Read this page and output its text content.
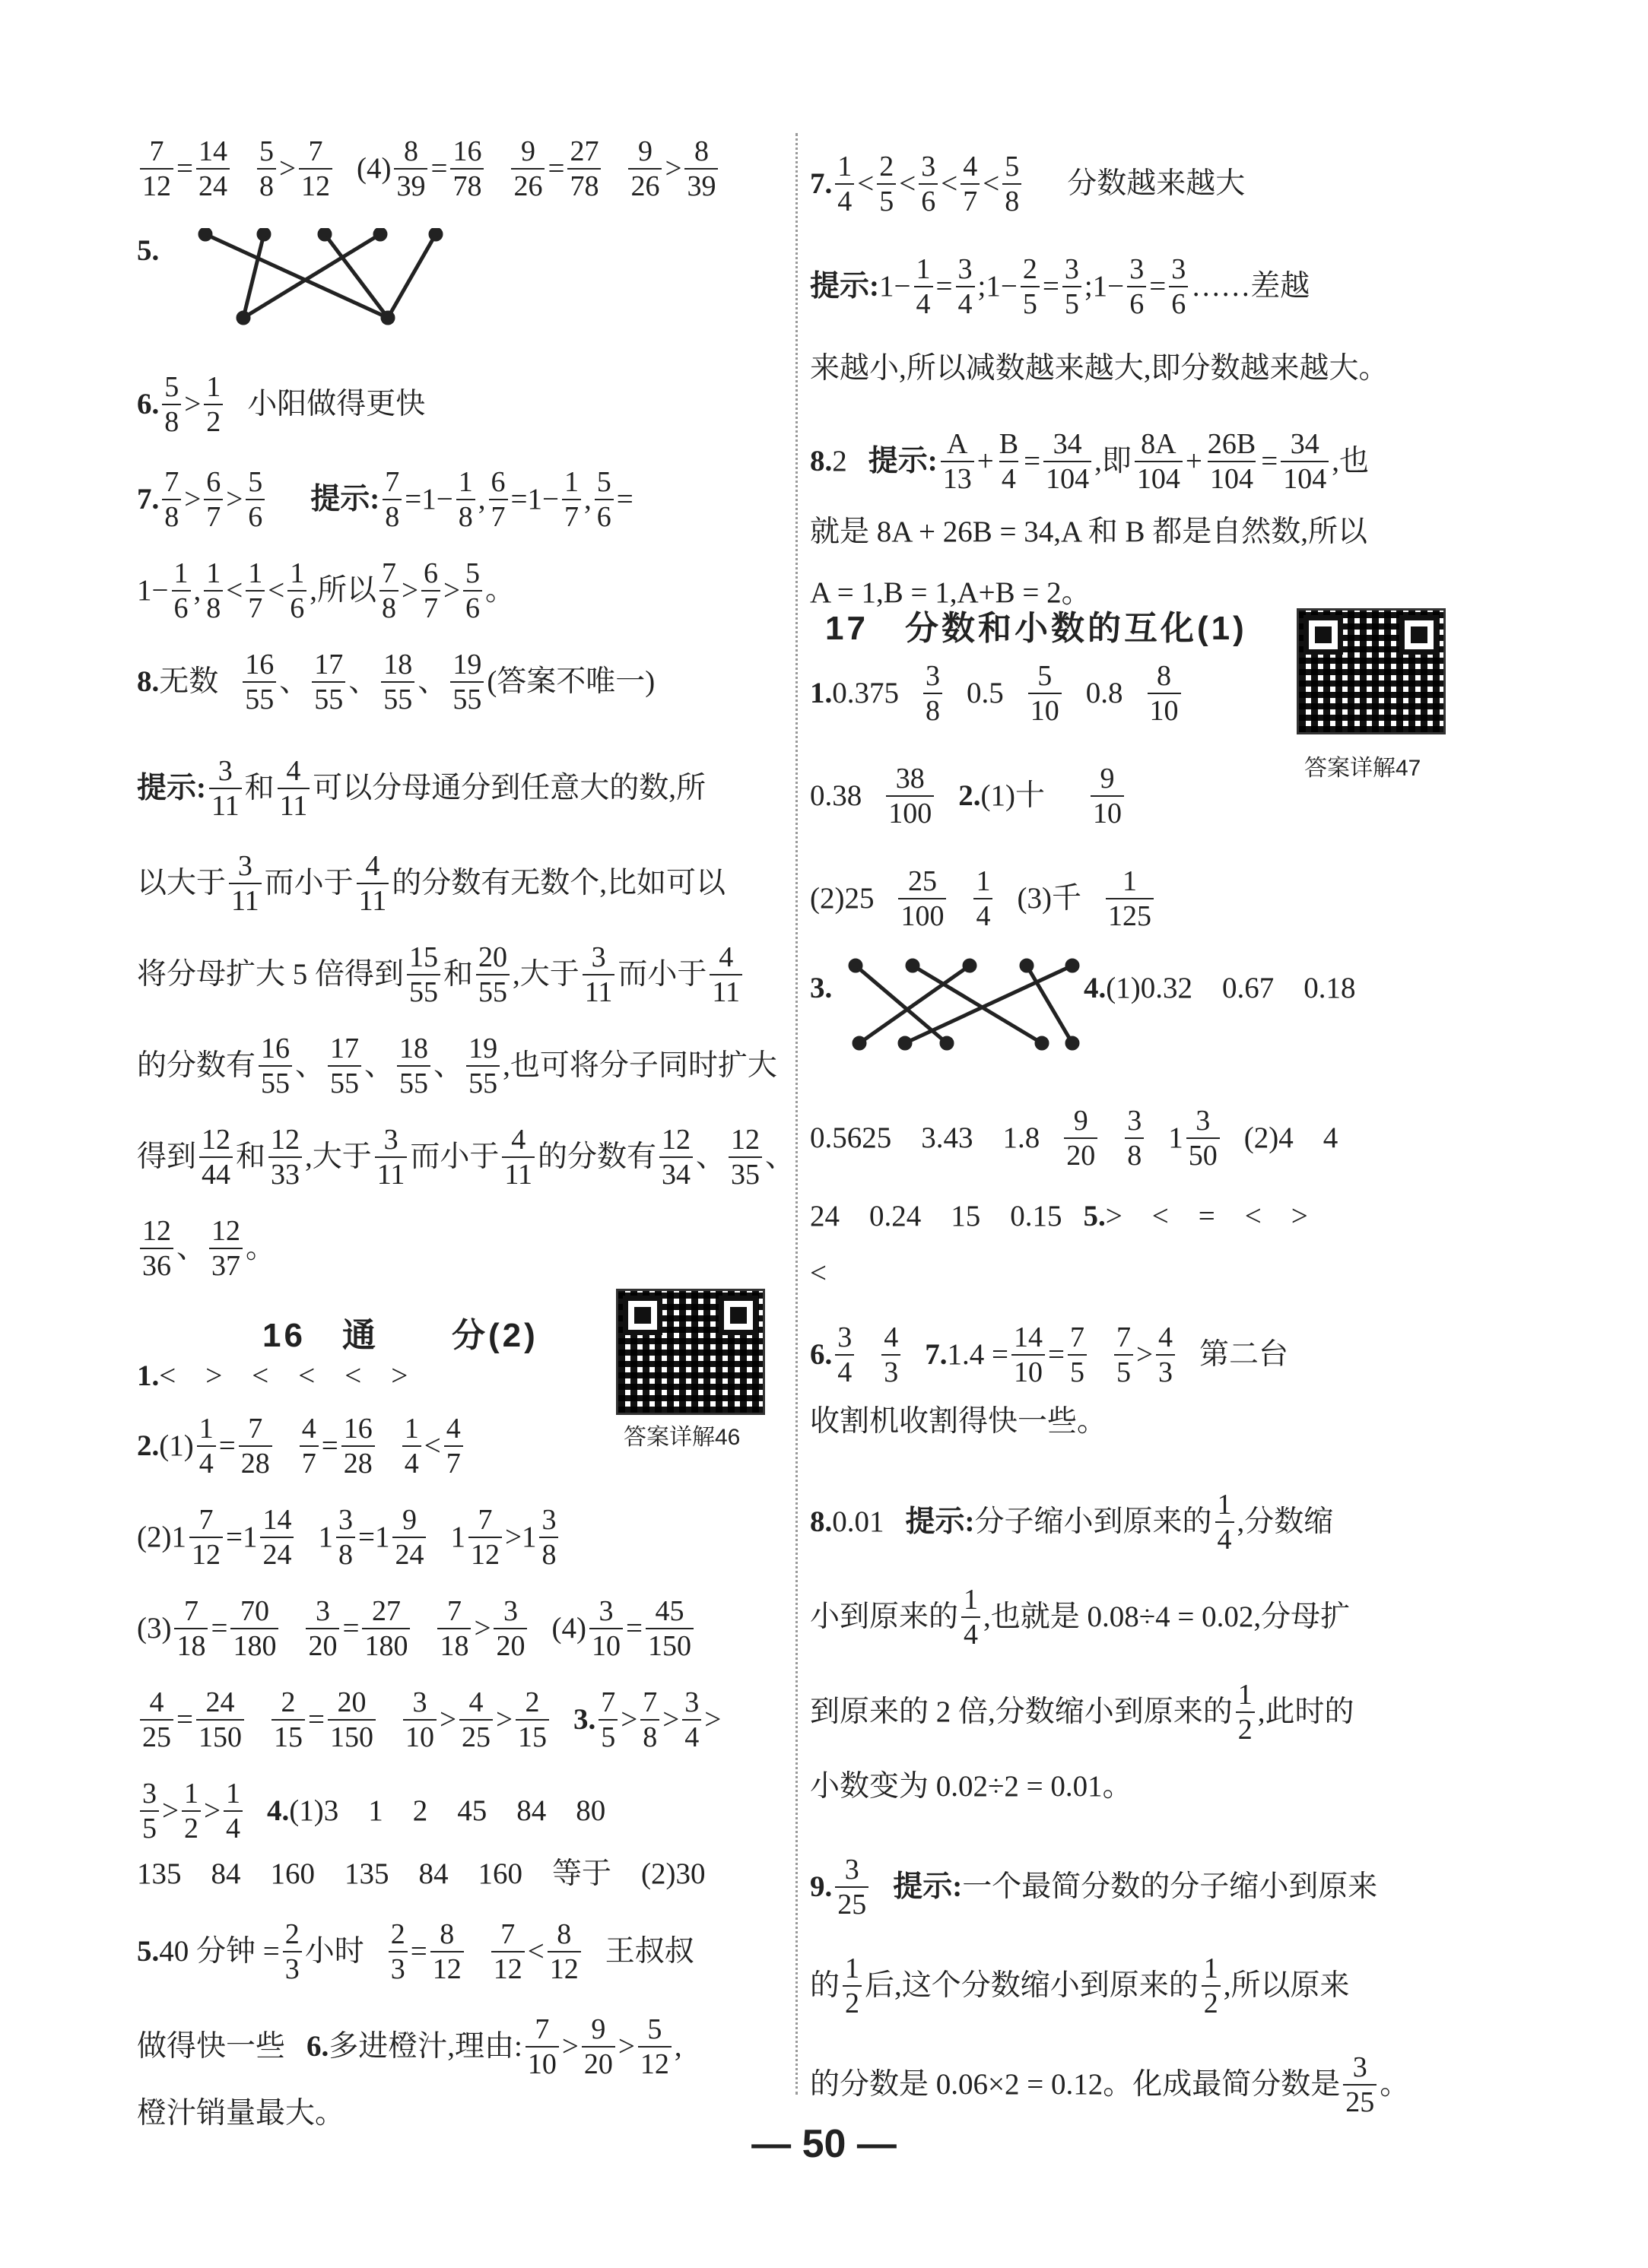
$\frac{7}{12} = \frac{14}{24} \frac{5}{8} > \frac{7}{12} (4) \frac{8}{39} = \frac{16}{78} \frac{9}{26} = \frac{27}{78} \frac{9}{26} > \frac{8}{39}$
5.
6. $\frac{5}{8} > \frac{1}{2}$ 小阳做得更快
7. $\frac{7}{8} > \frac{6}{7} > \frac{5}{6}$ 提示: $\frac{7}{8} =1- \frac{1}{8}$ , $\frac{6}{7} =1- \frac{1}{7}$ , $\frac{5}{6}$ =
$1- \frac{1}{6}$ , $\frac{1}{8} < \frac{1}{7} < \frac{1}{6}$ ,所以 $\frac{7}{8} > \frac{6}{7} > \frac{5}{6}$ 。
8. 无数 $\frac{16}{55}$ 、 $\frac{17}{55}$ 、 $\frac{18}{55}$ 、 $\frac{19}{55}$ (答案不唯一)
提示: $\frac{3}{11}$ 和 $\frac{4}{11}$ 可以分母通分到任意大的数,所
以大于 $\frac{3}{11}$ 而小于 $\frac{4}{11}$ 的分数有无数个,比如可以
将分母扩大 5 倍得到 $\frac{15}{55}$ 和 $\frac{20}{55}$ ,大于 $\frac{3}{11}$ 而小于 $\frac{4}{11}$
的分数有 $\frac{16}{55}$ 、 $\frac{17}{55}$ 、 $\frac{18}{55}$ 、 $\frac{19}{55}$ ,也可将分子同时扩大
得到 $\frac{12}{44}$ 和 $\frac{12}{33}$ ,大于 $\frac{3}{11}$ 而小于 $\frac{4}{11}$ 的分数有 $\frac{12}{34}$ 、 $\frac{12}{35}$ 、
$\frac{12}{36}$ 、 $\frac{12}{37}$ 。
16　通　　分(2)
答案详解46
1. <　>　<　<　<　>
2. $(1) \frac{1}{4} = \frac{7}{28} \frac{4}{7} = \frac{16}{28} \frac{1}{4} < \frac{4}{7}$
(2) $1 \frac{7}{12} = 1 \frac{14}{24} 1 \frac{3}{8} = 1 \frac{9}{24} 1 \frac{7}{12} > 1 \frac{3}{8}$
$(3) \frac{7}{18} = \frac{70}{180} \frac{3}{20} = \frac{27}{180} \frac{7}{18} > \frac{3}{20} (4) \frac{3}{10} = \frac{45}{150}$
$\frac{4}{25} = \frac{24}{150} \frac{2}{15} = \frac{20}{150} \frac{3}{10} > \frac{4}{25} > \frac{2}{15} 3$. $\frac{7}{5} > \frac{7}{8} > \frac{3}{4}$ >
$\frac{3}{5} > \frac{1}{2} > \frac{1}{4} 4$. (1)3　1　2　45　84　80
135　84　160　135　84　160　等于　(2)30
5. 40 分钟 = $\frac{2}{3}$ 小时 $\frac{2}{3} = \frac{8}{12} \frac{7}{12} < \frac{8}{12}$ 王叔叔
做得快一些 6. 多进橙汁,理由: $\frac{7}{10} > \frac{9}{20} > \frac{5}{12}$ ,
橙汁销量最大。
7. $\frac{1}{4} < \frac{2}{5} < \frac{3}{6} < \frac{4}{7} < \frac{5}{8}$ 分数越来越大
提示: $1- \frac{1}{4} = \frac{3}{4}$ ;1− $\frac{2}{5} = \frac{3}{5}$ ;1− $\frac{3}{6} = \frac{3}{6}$ ……差越
来越小,所以减数越来越大,即分数越来越大。
8. 2 提示: $\frac{A}{13} + \frac{B}{4} = \frac{34}{104}$ ,即 $\frac{8A}{104} + \frac{26B}{104} = \frac{34}{104}$ ,也
就是 8A + 26B = 34,A 和 B 都是自然数,所以
A = 1,B = 1,A+B = 2。
17　分数和小数的互化(1)
答案详解47
1. $0.375 \frac{3}{8} 0.5 \frac{5}{10} 0.8 \frac{8}{10}$
$0.38 \frac{38}{100} 2$. (1)十 $\frac{9}{10}$
$(2)25 \frac{25}{100} \frac{1}{4} (3)$千 $\frac{1}{125}$
3.	4. (1)0.32　0.67　0.18
0.5625　3.43　$1.8 \frac{9}{20} \frac{3}{8} 1 \frac{3}{50} (2)4$　4
24　0.24　15　0.15 5. >　<　=　<　>
<
6. $\frac{3}{4} \frac{4}{3} 7$. $1.4 = \frac{14}{10} = \frac{7}{5} \frac{7}{5} > \frac{4}{3}$ 第二台
收割机收割得快一些。
8. 0.01 提示: 分子缩小到原来的 $\frac{1}{4}$ ,分数缩
小到原来的 $\frac{1}{4}$ ,也就是 0.08÷4 = 0.02,分母扩
到原来的 2 倍,分数缩小到原来的 $\frac{1}{2}$ ,此时的
小数变为 0.02÷2 = 0.01。
9. $\frac{3}{25}$ 提示: 一个最简分数的分子缩小到原来
的 $\frac{1}{2}$ 后,这个分数缩小到原来的 $\frac{1}{2}$ ,所以原来
的分数是 0.06×2 = 0.12。化成最简分数是 $\frac{3}{25}$ 。
— 50 —
